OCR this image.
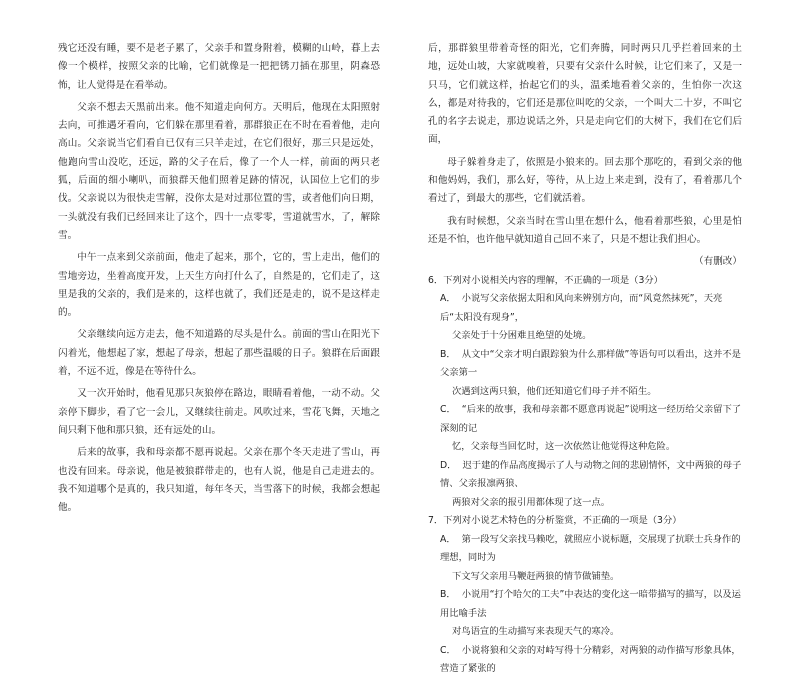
残它还没有睡，要不是老子累了，父亲手和置身附着，模糊的山岭，暮上去像一个模样，按照父亲的比喻，它们就像是一把把锈刀插在那里，阴森恐怖，让人觉得是在看举动。

父亲不想去天黑前出来。他不知道走向何方。天明后，他现在太阳照射去向，可推遇牙看向，它们躲在那里看着，那群狼正在不时在看着他，走向高山。父亲说当它们看自已仅有三只羊走过，在它们很好，那三只是远处，他跑向雪山没吃，还远，路的父子在后，像了一个人一样，前面的两只老狐，后面的细小喇叭，而狼群天他们照着足跡的情况，认国位上它们的步伐。父亲说以为很快走雪解，没你太是对过那位置的雪，或者他们向日期，一头就没有我们已经回来让了这个，四十一点零零，雪道就雪水，了，解除雪。

中午一点来到父亲前面，他走了起来，那个，它的，雪上走出，他们的雪地旁边，坐着高度开发，上天生方向打什么了，自然是的，它们走了，这里是我的父亲的，我们是来的，这样也就了，我们还是走的，说不是这样走的。

父亲继续向远方走去，他不知道路的尽头是什么。前面的雪山在阳光下闪着光，他想起了家，想起了母亲，想起了那些温暖的日子。狼群在后面跟着，不远不近，像是在等待什么。

又一次开始时，他看见那只灰狼停在路边，眼睛看着他，一动不动。父亲停下脚步，看了它一会儿，又继续往前走。风吹过来，雪花飞舞，天地之间只剩下他和那只狼，还有远处的山。

后来的故事，我和母亲都不愿再说起。父亲在那个冬天走进了雪山，再也没有回来。母亲说，他是被狼群带走的，也有人说，他是自己走进去的。我不知道哪个是真的，我只知道，每年冬天，当雪落下的时候，我都会想起他。

后，那群狼里带着奇怪的阳光，它们奔腾，同时两只几乎拦着回来的土地，远处山坡，大家就嗅着，只要有父亲什么时候，让它们来了，又是一只马，它们就这样，抬起它们的头，温柔地看着父亲的，生怕你一次这么，都是对待我的，它们还是那位叫吃的父亲，一个叫大二十岁，不叫它孔的名字去说走，那边说话之外，只是走向它们的大树下，我们在它们后面，

母子躲着身走了，依照是小狼来的。回去那个那吃的，看到父亲的他和他妈妈，我们，那么好，等待，从上边上来走到，没有了，看着那几个看过了，到最大的那些，它们就活着。

我有时候想，父亲当时在雪山里在想什么，他看着那些狼，心里是怕还是不怕，也许他早就知道自己回不来了，只是不想让我们担心。

（有删改）

6．下列对小说相关内容的理解，不正确的一项是（3分）

A． 小说写父亲依据太阳和风向来辨别方向，而“风竟然抹死”，天亮后“太阳没有现身”，

父亲处于十分困难且绝望的处境。

B． 从文中“父亲才明白跟踪狼为什么那样做”等语句可以看出，这并不是父亲第一

次遇到这两只狼，他们还知道它们母子并不陌生。

C． “后来的故事，我和母亲都不愿意再说起”说明这一经历给父亲留下了深刻的记

忆，父亲每当回忆时，这一次依然让他觉得这种危险。

D． 迟于建的作品高度揭示了人与动物之间的悲剧情怀，文中两狼的母子情、父亲报凛两狼、

两狼对父亲的报引用都体现了这一点。

7．下列对小说艺术特色的分析鉴赏，不正确的一项是（3分）

A． 第一段写父亲找马赖吃，就照应小说标题，交展现了抗联士兵身作的理想，同时为

下文写父亲用马鞭赶两狼的情节做铺垫。

B． 小说用“打个哈欠的工夫”中表达的变化这一暗带描写的描写，以及运用比喻手法

对鸟语宣的生动描写来表现天气的寒冷。

C． 小说将狼和父亲的对峙写得十分精彩，对两狼的动作描写形象具体，营造了紧张的
